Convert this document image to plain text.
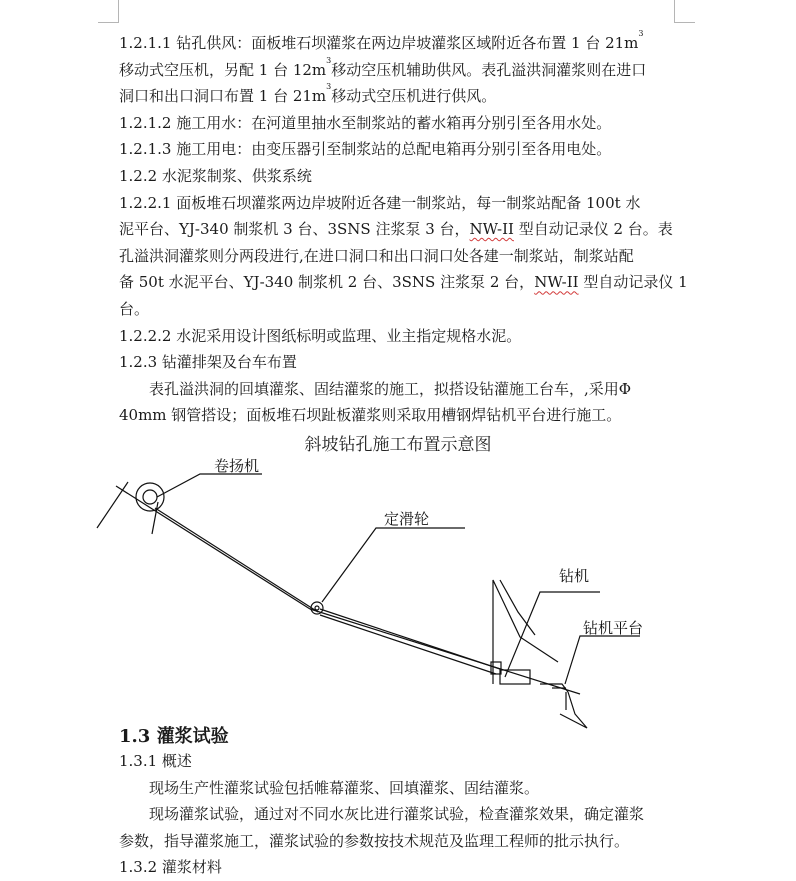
1.2.1.1 钻孔供风：面板堆石坝灌浆在两边岸坡灌浆区域附近各布置 1 台 $21m^3$

移动式空压机，另配 1 台 $12m^3$移动空压机辅助供风。表孔溢洪洞灌浆则在进口

洞口和出口洞口布置 1 台 $21m^3$移动式空压机进行供风。

1.2.1.2 施工用水：在河道里抽水至制浆站的蓄水箱再分别引至各用水处。

1.2.1.3 施工用电：由变压器引至制浆站的总配电箱再分别引至各用电处。

1.2.2 水泥浆制浆、供浆系统

1.2.2.1 面板堆石坝灌浆两边岸坡附近各建一制浆站，每一制浆站配备 100t 水

泥平台、YJ-340 制浆机 3 台、3SNS 注浆泵 3 台，NW-II 型自动记录仪 2 台。表

孔溢洪洞灌浆则分两段进行,在进口洞口和出口洞口处各建一制浆站，制浆站配

备 50t 水泥平台、YJ-340 制浆机 2 台、3SNS 注浆泵 2 台，NW-II 型自动记录仪 1

台。

1.2.2.2 水泥采用设计图纸标明或监理、业主指定规格水泥。

1.2.3 钻灌排架及台车布置

表孔溢洪洞的回填灌浆、固结灌浆的施工，拟搭设钻灌施工台车，,采用Φ

40mm 钢管搭设；面板堆石坝趾板灌浆则采取用槽钢焊钻机平台进行施工。

斜坡钻孔施工布置示意图
卷扬机
定滑轮
钻机
钻机平台

1.3 灌浆试验

1.3.1 概述

现场生产性灌浆试验包括帷幕灌浆、回填灌浆、固结灌浆。

现场灌浆试验，通过对不同水灰比进行灌浆试验，检查灌浆效果，确定灌浆

参数，指导灌浆施工，灌浆试验的参数按技术规范及监理工程师的批示执行。

1.3.2 灌浆材料
